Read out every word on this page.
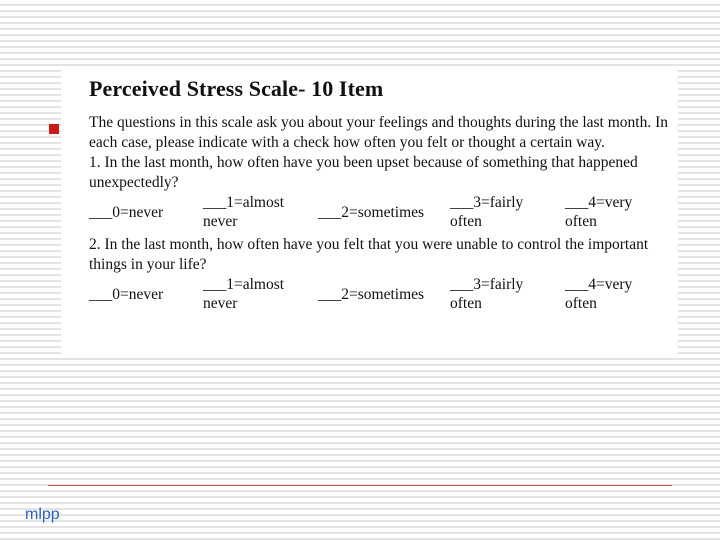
Perceived Stress Scale- 10 Item

The questions in this scale ask you about your feelings and thoughts during the last month. In each case, please indicate with a check how often you felt or thought a certain way.

1. In the last month, how often have you been upset because of something that happened unexpectedly?

___0=never
___1=almost
never
___2=sometimes
___3=fairly
often
___4=very
often

2. In the last month, how often have you felt that you were unable to control the important things in your life?

___0=never
___1=almost
never
___2=sometimes
___3=fairly
often
___4=very
often
mlpp
